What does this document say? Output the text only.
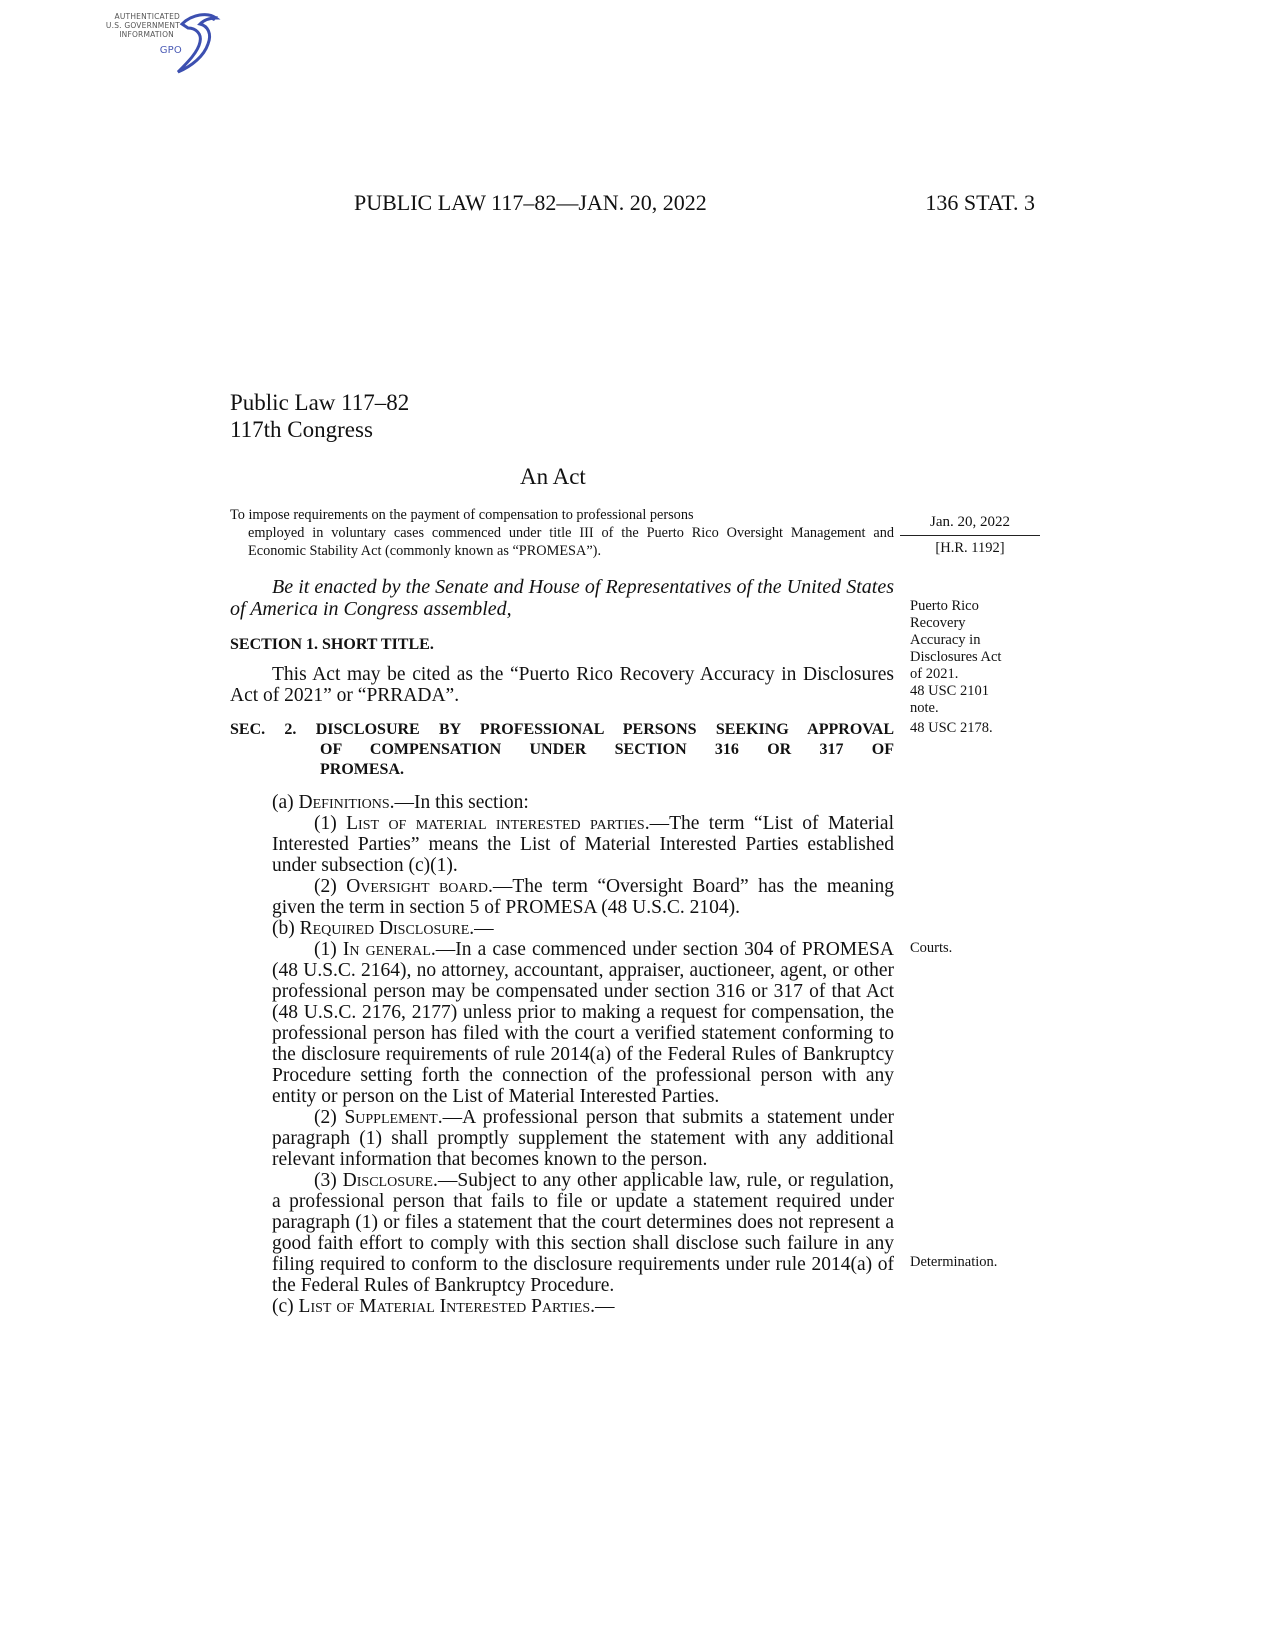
AUTHENTICATED
U.S. GOVERNMENT
INFORMATION
GPO
PUBLIC LAW 117–82—JAN. 20, 2022	136 STAT. 3
Public Law 117–82
117th Congress
An Act
To impose requirements on the payment of compensation to professional persons
employed in voluntary cases commenced under title III of the Puerto Rico Oversight Management and Economic Stability Act (commonly known as “PROMESA”).
Jan. 20, 2022
[H.R. 1192]
Be it enacted by the Senate and House of Representatives of the United States of America in Congress assembled,
SECTION 1. SHORT TITLE.
This Act may be cited as the “Puerto Rico Recovery Accuracy in Disclosures Act of 2021” or “PRRADA”.
SEC. 2. DISCLOSURE BY PROFESSIONAL PERSONS SEEKING APPROVAL
OF COMPENSATION UNDER SECTION 316 OR 317 OF
PROMESA.

(a) Definitions.—In this section:

(1) List of material interested parties.—The term “List of Material Interested Parties” means the List of Material Interested Parties established under subsection (c)(1).

(2) Oversight board.—The term “Oversight Board” has the meaning given the term in section 5 of PROMESA (48 U.S.C. 2104).

(b) Required Disclosure.—

(1) In general.—In a case commenced under section 304 of PROMESA (48 U.S.C. 2164), no attorney, accountant, appraiser, auctioneer, agent, or other professional person may be compensated under section 316 or 317 of that Act (48 U.S.C. 2176, 2177) unless prior to making a request for compensation, the professional person has filed with the court a verified statement conforming to the disclosure requirements of rule 2014(a) of the Federal Rules of Bankruptcy Procedure setting forth the connection of the professional person with any entity or person on the List of Material Interested Parties.

(2) Supplement.—A professional person that submits a statement under paragraph (1) shall promptly supplement the statement with any additional relevant information that becomes known to the person.

(3) Disclosure.—Subject to any other applicable law, rule, or regulation, a professional person that fails to file or update a statement required under paragraph (1) or files a statement that the court determines does not represent a good faith effort to comply with this section shall disclose such failure in any filing required to conform to the disclosure requirements under rule 2014(a) of the Federal Rules of Bankruptcy Procedure.

(c) List of Material Interested Parties.—

Puerto Rico
Recovery
Accuracy in
Disclosures Act
of 2021.
48 USC 2101
note.
48 USC 2178.
Courts.
Determination.
